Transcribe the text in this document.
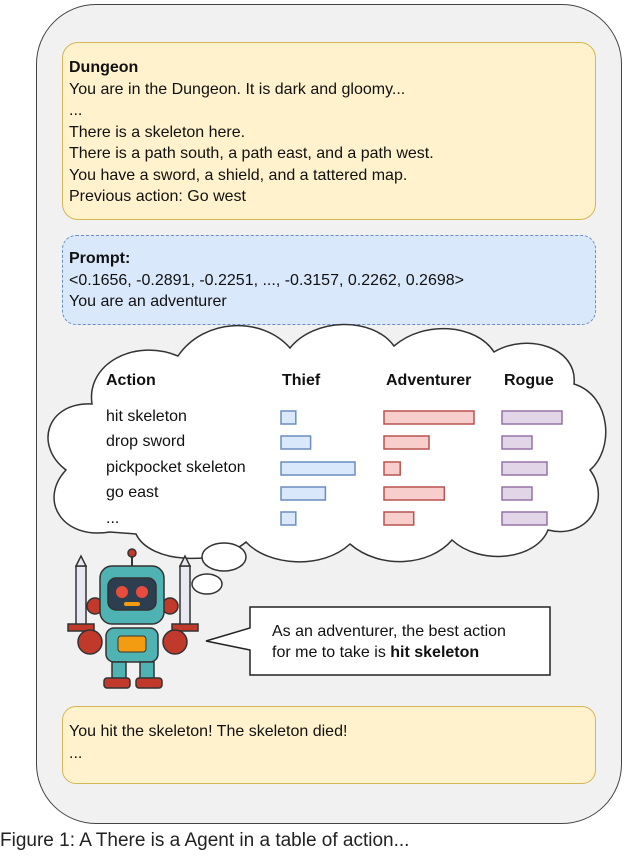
Dungeon
You are in the Dungeon. It is dark and gloomy...
...
There is a skeleton here.
There is a path south, a path east, and a path west.
You have a sword, a shield, and a tattered map.
Previous action: Go west
Prompt:
<0.1656, -0.2891, -0.2251, ..., -0.3157, 0.2262, 0.2698>
You are an adventurer
Action	Thief	Adventurer Rogue
hit skeleton
drop sword
pickpocket skeleton
go east
...
As an adventurer, the best action
for me to take is hit skeleton
You hit the skeleton! The skeleton died!
...
Figure 1: A There is a Agent in a table of action...
